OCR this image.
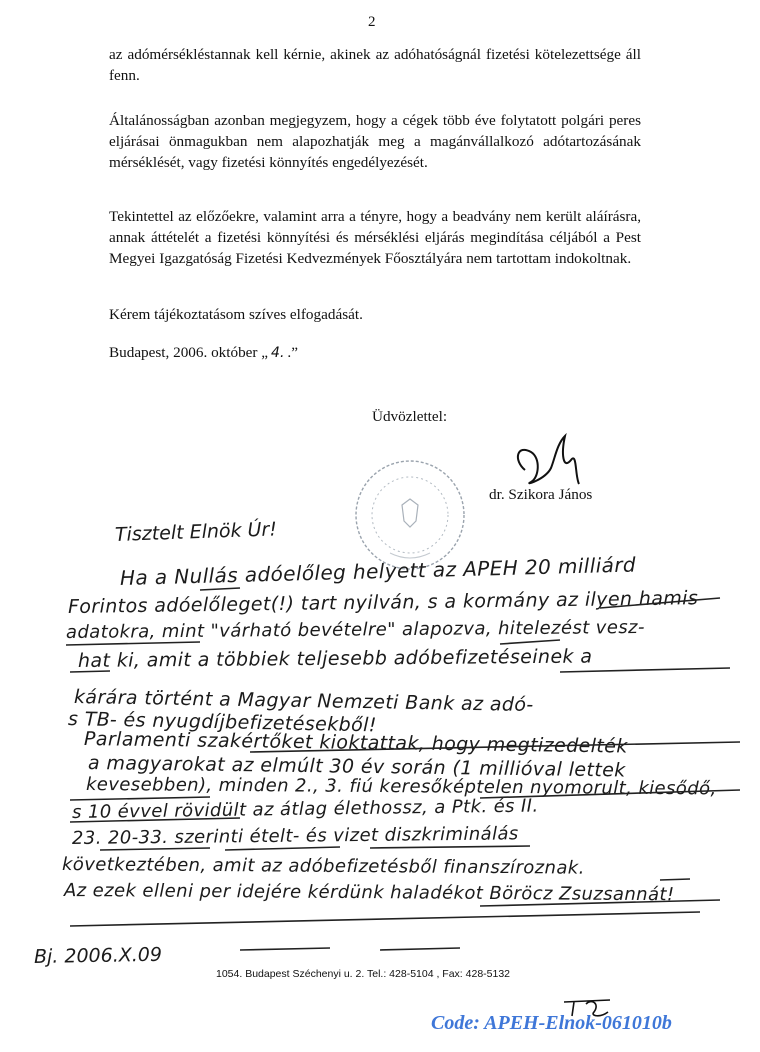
2
az adómérsékléstannak kell kérnie, akinek az adóhatóságnál fizetési kötelezettsége áll fenn.
Általánosságban azonban megjegyzem, hogy a cégek több éve folytatott polgári peres eljárásai önmagukban nem alapozhatják meg a magánvállalkozó adótartozásának mérséklését, vagy fizetési könnyítés engedélyezését.
Tekintettel az előzőekre, valamint arra a tényre, hogy a beadvány nem került aláírásra, annak áttételét a fizetési könnyítési és mérséklési eljárás megindítása céljából a Pest Megyei Igazgatóság Fizetési Kedvezmények Főosztályára nem tartottam indokoltnak.
Kérem tájékoztatásom szíves elfogadását.
Budapest, 2006. október „ 4. .”
Üdvözlettel:
dr. Szikora János
Tisztelt Elnök Úr!
Ha a Nullás adóelőleg helyett az APEH 20 milliárd
Forintos adóelőleget(!) tart nyilván, s a kormány az ilyen hamis
adatokra, mint "várható bevételre" alapozva, hitelezést vesz-
hat ki, amit a többiek teljesebb adóbefizetéseinek a
kárára történt a Magyar Nemzeti Bank az adó-
s TB- és nyugdíjbefizetésekből!
Parlamenti szakértőket kioktattak, hogy megtizedelték
a magyarokat az elmúlt 30 év során (1 millióval lettek
kevesebben), minden 2., 3. fiú keresőképtelen nyomorult, kiesődő,
s 10 évvel rövidült az átlag élethossz, a Ptk. és II.
23. 20-33. szerinti ételt- és vizet diszkriminálás
következtében, amit az adóbefizetésből finanszíroznak.
Az ezek elleni per idejére kérdünk haladékot Böröcz Zsuzsannát!
Bj. 2006.X.09
1054. Budapest Széchenyi u. 2. Tel.: 428-5104 , Fax: 428-5132
Code: APEH-Elnok-061010b
